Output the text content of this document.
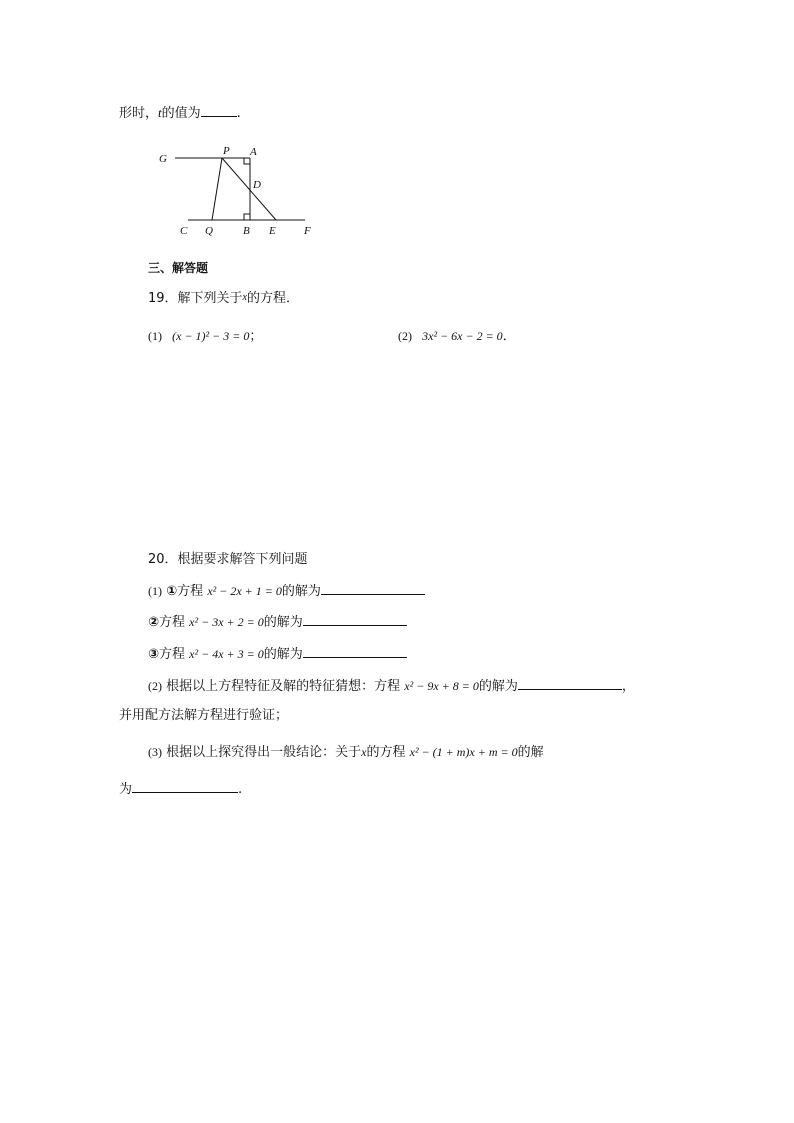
形时，t的值为	.
G
P A
D
C Q	B E	F
三、解答题
19．解下列关于x的方程．
(1) (x − 1)² − 3 = 0；	(2) 3x² − 6x − 2 = 0．
20．根据要求解答下列问题
(1) ①方程 x² − 2x + 1 = 0的解为
②方程 x² − 3x + 2 = 0的解为
③方程 x² − 4x + 3 = 0的解为
(2) 根据以上方程特征及解的特征猜想：方程 x² − 9x + 8 = 0的解为	，
并用配方法解方程进行验证；
(3) 根据以上探究得出一般结论：关于x的方程 x² − (1 + m)x + m = 0的解
为	.
